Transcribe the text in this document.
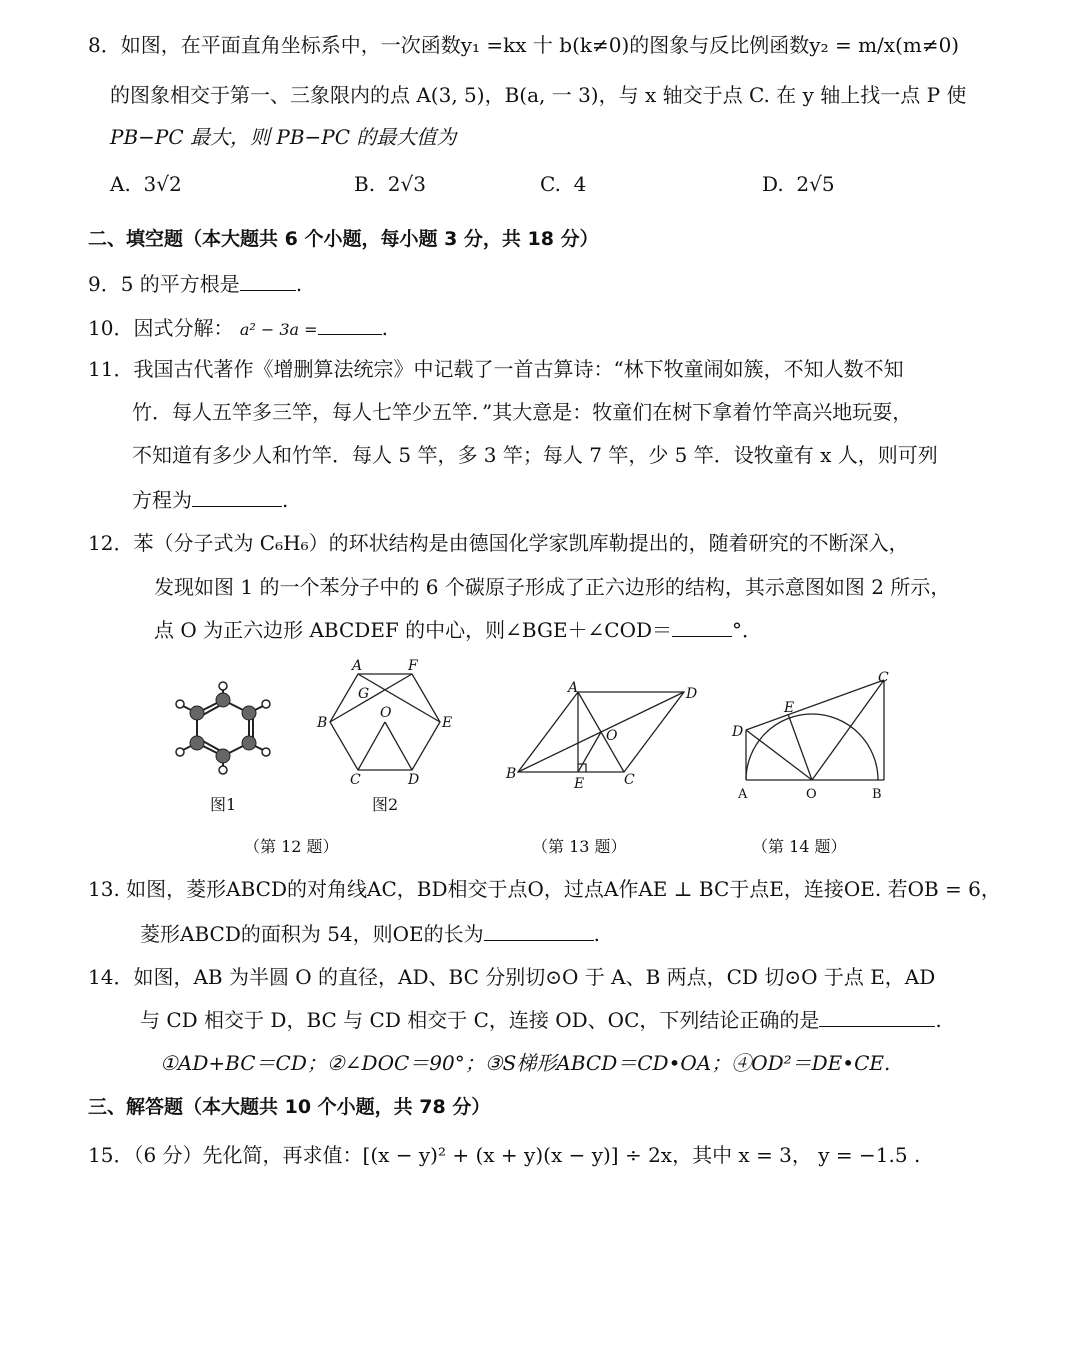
8．如图，在平面直角坐标系中，一次函数y₁ =kx 十 b(k≠0)的图象与反比例函数y₂ = m/x(m≠0)
的图象相交于第一、三象限内的点 A(3, 5)，B(a, 一 3)，与 x 轴交于点 C. 在 y 轴上找一点 P 使
PB−PC 最大，则 PB−PC 的最大值为
A. 3√2	B. 2√3	C. 4	D. 2√5
二、填空题（本大题共 6 个小题，每小题 3 分，共 18 分）
9．5 的平方根是	.
10．因式分解： a² − 3a =	.
11．我国古代著作《增删算法统宗》中记载了一首古算诗：“林下牧童闹如簇，不知人数不知
竹．每人五竿多三竿，每人七竿少五竿．”其大意是：牧童们在树下拿着竹竿高兴地玩耍，
不知道有多少人和竹竿．每人 5 竿，多 3 竿；每人 7 竿，少 5 竿．设牧童有 x 人，则可列
方程为	.
12．苯（分子式为 C₆H₆）的环状结构是由德国化学家凯库勒提出的，随着研究的不断深入，
发现如图 1 的一个苯分子中的 6 个碳原子形成了正六边形的结构，其示意图如图 2 所示，
点 O 为正六边形 ABCDEF 的中心，则∠BGE＋∠COD＝	°．
图1
A	F
G
B
O
E
C	D
图2
A	D
O
B
E	C
C
E
D
A	O	B
（第 12 题）	（第 13 题）	（第 14 题）
13. 如图，菱形ABCD的对角线AC，BD相交于点O，过点A作AE ⊥ BC于点E，连接OE. 若OB = 6，
菱形ABCD的面积为 54，则OE的长为	.
14．如图，AB 为半圆 O 的直径，AD、BC 分别切⊙O 于 A、B 两点，CD 切⊙O 于点 E，AD
与 CD 相交于 D，BC 与 CD 相交于 C，连接 OD、OC，下列结论正确的是	.
①AD+BC＝CD；②∠DOC＝90°；③S梯形ABCD＝CD•OA；④OD²＝DE•CE.
三、解答题（本大题共 10 个小题，共 78 分）
15．（6 分）先化简，再求值：[(x − y)² + (x + y)(x − y)] ÷ 2x，其中 x = 3， y = −1.5 .
